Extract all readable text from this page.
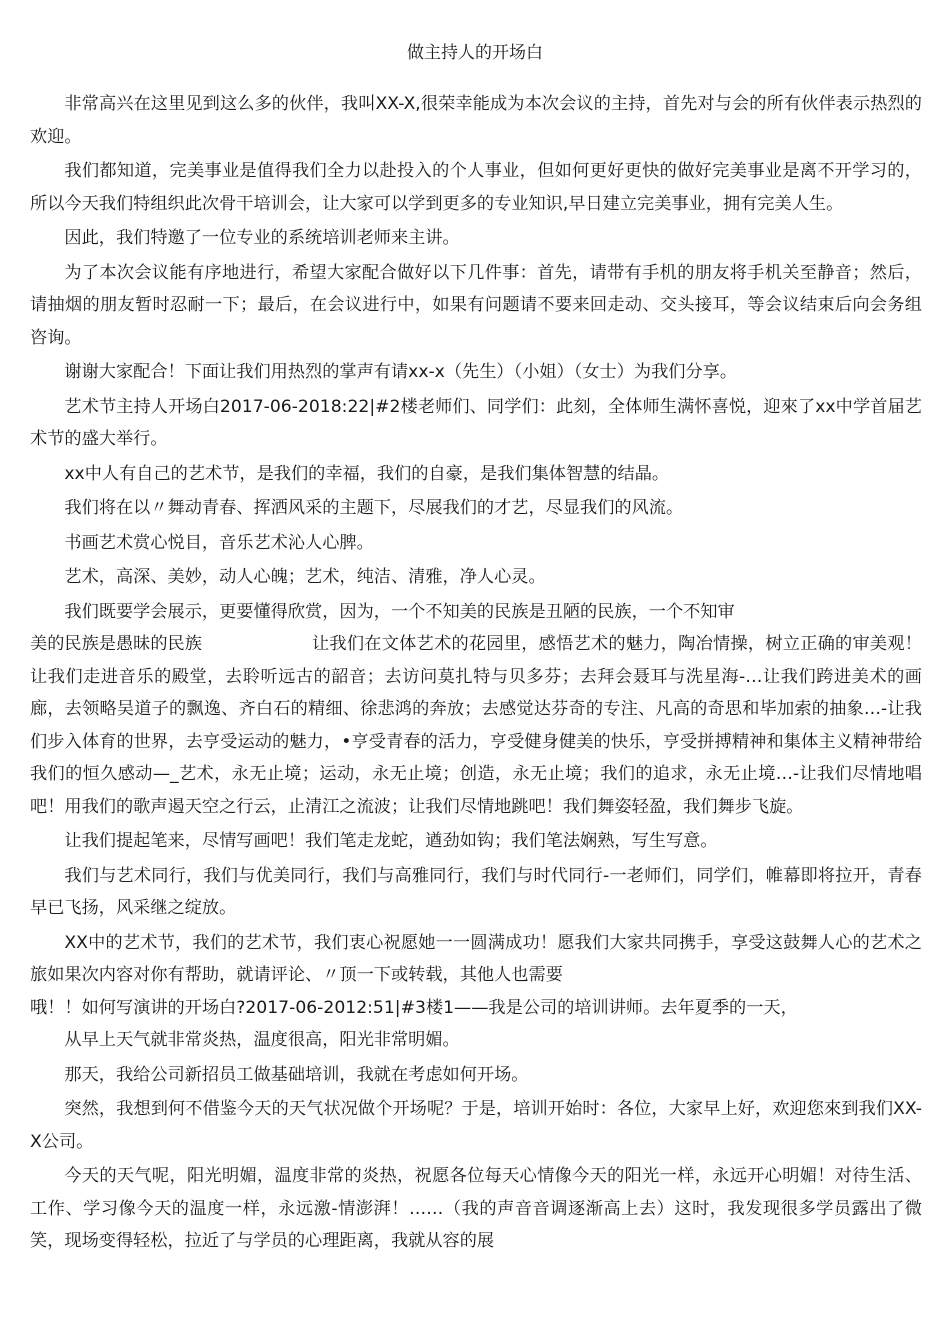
做主持人的开场白

非常高兴在这里见到这么多的伙伴，我叫XX-X,很荣幸能成为本次会议的主持，首先对与会的所有伙伴表示热烈的欢迎。

我们都知道，完美事业是值得我们全力以赴投入的个人事业，但如何更好更快的做好完美事业是离不开学习的，所以今天我们特组织此次骨干培训会，让大家可以学到更多的专业知识,早日建立完美事业，拥有完美人生。

因此，我们特邀了一位专业的系统培训老师来主讲。

为了本次会议能有序地进行，希望大家配合做好以下几件事：首先，请带有手机的朋友将手机关至静音；然后，请抽烟的朋友暂时忍耐一下；最后，在会议进行中，如果有问题请不要来回走动、交头接耳，等会议结束后向会务组咨询。

谢谢大家配合！下面让我们用热烈的掌声有请xx-x（先生）（小姐）（女士）为我们分享。

艺术节主持人开场白2017-06-2018:22|#2楼老师们、同学们：此刻，全体师生满怀喜悦，迎來了xx中学首届艺术节的盛大举行。

xx中人有自己的艺术节，是我们的幸福，我们的自豪，是我们集体智慧的结晶。

我们将在以〃舞动青春、挥洒风采的主题下，尽展我们的才艺，尽显我们的风流。

书画艺术赏心悦目，音乐艺术沁人心脾。

艺术，高深、美妙，动人心魄；艺术，纯洁、清雅，净人心灵。

我们既要学会展示，更要懂得欣赏，因为，一个不知美的民族是丑陋的民族，一个不知审

美的民族是愚昧的民族	让我们在文体艺术的花园里，感悟艺术的魅力，陶冶情操，树立正确的审美观！让我们走进音乐的殿堂，去聆听远古的韶音；去访问莫扎特与贝多芬；去拜会聂耳与洗星海-…让我们跨进美术的画廊，去领略吴道子的飘逸、齐白石的精细、徐悲鸿的奔放；去感觉达芬奇的专注、凡高的奇思和毕加索的抽象…-让我们步入体育的世界，去亨受运动的魅力，•亨受青春的活力，亨受健身健美的快乐，亨受拼搏精神和集体主义精神带给我们的恒久感动—_艺术，永无止境；运动，永无止境；创造，永无止境；我们的追求，永无止境…-让我们尽情地唱吧！用我们的歌声遏天空之行云，止清江之流波；让我们尽情地跳吧！我们舞姿轻盈，我们舞步飞旋。

让我们提起笔来，尽情写画吧！我们笔走龙蛇，遒劲如钩；我们笔法娴熟，写生写意。

我们与艺术同行，我们与优美同行，我们与高雅同行，我们与时代同行-一老师们，同学们，帷幕即将拉开，青春早已飞扬，风采继之绽放。

XX中的艺术节，我们的艺术节，我们衷心祝愿她一一圆满成功！愿我们大家共同携手，享受这鼓舞人心的艺术之旅如果次内容对你有帮助，就请评论、〃顶一下或转载，其他人也需要

哦！！如何写演讲的开场白?2017-06-2012:51|#3楼1——我是公司的培训讲师。去年夏季的一天，

从早上天气就非常炎热，温度很高，阳光非常明媚。

那天，我给公司新招员工做基础培训，我就在考虑如何开场。

突然，我想到何不借鉴今天的天气状况做个开场呢？于是，培训开始时：各位，大家早上好，欢迎您來到我们XX-X公司。

今天的天气呢，阳光明媚，温度非常的炎热，祝愿各位每天心情像今天的阳光一样，永远开心明媚！对待生活、工作、学习像今天的温度一样，永远激-情澎湃！……（我的声音音调逐渐高上去）这时，我发现很多学员露出了微笑，现场变得轻松，拉近了与学员的心理距离，我就从容的展
